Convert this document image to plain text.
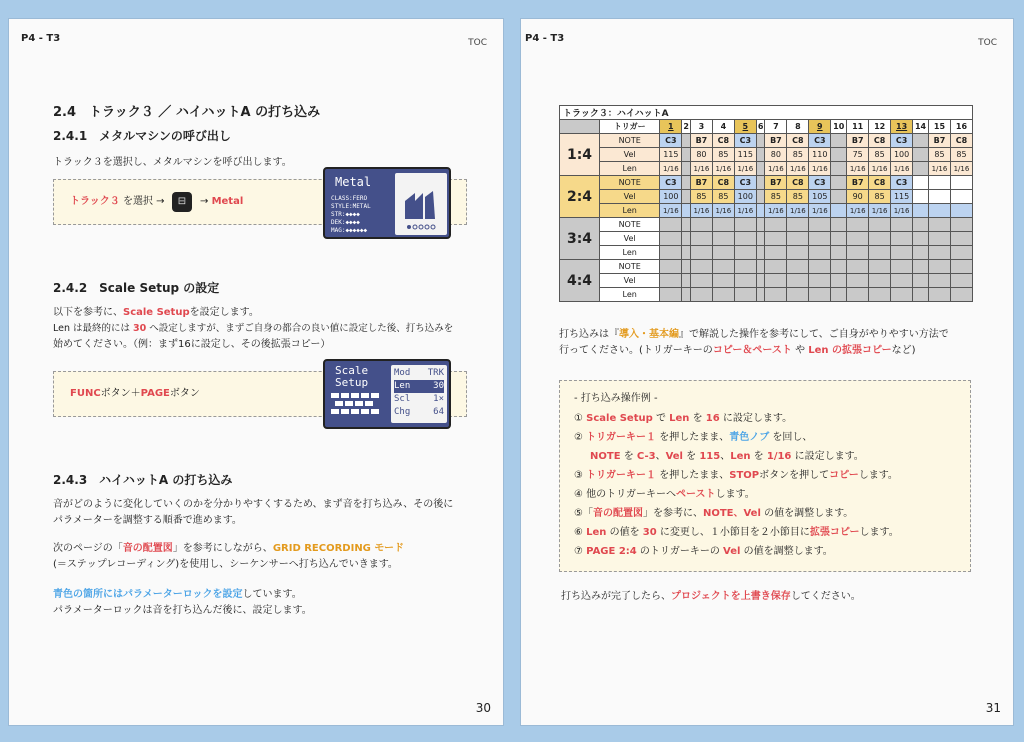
P4 - T3	TOC
2.4　トラック３ ／ ハイハットA の打ち込み
2.4.1　メタルマシンの呼び出し
トラック３を選択し、メタルマシンを呼び出します。
トラック３ を選択 →	⊟	→ Metal
Metal
CLASS:FERO
STYLE:METAL
STR:◆◆◆◆
DEK:◆◆◆◆
MAG:◆◆◆◆◆◆
2.4.2　Scale Setup の設定
以下を参考に、Scale Setupを設定します。
Len は最終的には 30 へ設定しますが、まずご自身の都合の良い値に設定した後、打ち込みを
始めてください。（例：まず16に設定し、その後拡張コピー）
FUNCボタン＋PAGEボタン
Scale
Setup
Mod TRK
Len	30
Scl	1×
Chg	64
2.4.3　ハイハットA の打ち込み
音がどのように変化していくのかを分かりやすくするため、まず音を打ち込み、その後に
パラメーターを調整する順番で進めます。
次のページの「音の配置図」を参考にしながら、GRID RECORDING モード
(＝ステップレコーディング)を使用し、シーケンサーへ打ち込んでいきます。
青色の箇所にはパラメーターロックを設定しています。
パラメーターロックは音を打ち込んだ後に、設定します。
30
P4 - T3	TOC
トラック３：ハイハットA																	
	トリガー	1	2	3	4	5	6	7	8	9	10	11	12	13	14	15	16
1:4	NOTE	C3		B7	C8	C3		B7	C8	C3		B7	C8	C3		B7	C8
	Vel	115		80	85	115		80	85	110		75	85	100		85	85
	Len	1/16		1/16	1/16	1/16		1/16	1/16	1/16		1/16	1/16	1/16		1/16	1/16
2:4	NOTE	C3		B7	C8	C3		B7	C8	C3		B7	C8	C3			
	Vel	100		85	85	100		85	85	105		90	85	115			
	Len	1/16		1/16	1/16	1/16		1/16	1/16	1/16		1/16	1/16	1/16			
3:4	NOTE																
	Vel																
	Len																
4:4	NOTE																
	Vel																
	Len																
打ち込みは『導入・基本編』で解説した操作を参考にして、ご自身がやりやすい方法で
行ってください。(トリガーキーのコピー＆ペースト や Len の拡張コピーなど)
- 打ち込み操作例 -
① Scale Setup で Len を 16 に設定します。
② トリガーキー１ を押したまま、青色ノブ を回し、
NOTE を C-3、Vel を 115、Len を 1/16 に設定します。
③ トリガーキー１ を押したまま、STOPボタンを押してコピーします。
④ 他のトリガーキーへペーストします。
⑤「音の配置図」を参考に、NOTE、Vel の値を調整します。
⑥ Len の値を 30 に変更し、１小節目を２小節目に拡張コピーします。
⑦ PAGE 2:4 のトリガーキーの Vel の値を調整します。
打ち込みが完了したら、プロジェクトを上書き保存してください。
31
